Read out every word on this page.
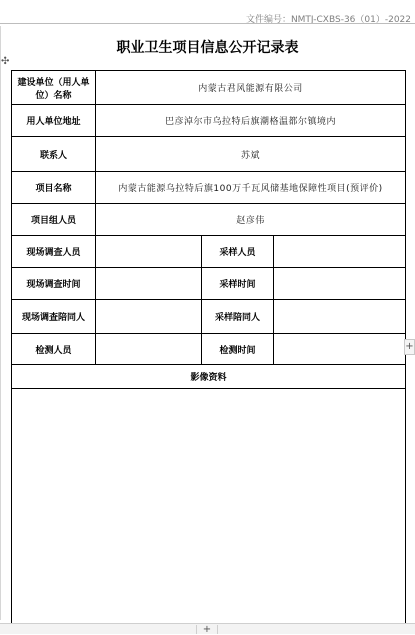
文件编号：NMTJ-CXBS-36（01）-2022
✣
职业卫生项目信息公开记录表
建设单位（用人单位）名称	内蒙古君风能源有限公司		
用人单位地址	巴彦淖尔市乌拉特后旗潮格温都尔镇境内		
联系人	苏斌		
项目名称	内蒙古能源乌拉特后旗100万千瓦风储基地保障性项目(预评价)		
项目组人员	赵彦伟		
现场调查人员		采样人员	
现场调查时间		采样时间	
现场调查陪同人		采样陪同人	
检测人员		检测时间	
影像资料			

+
+
